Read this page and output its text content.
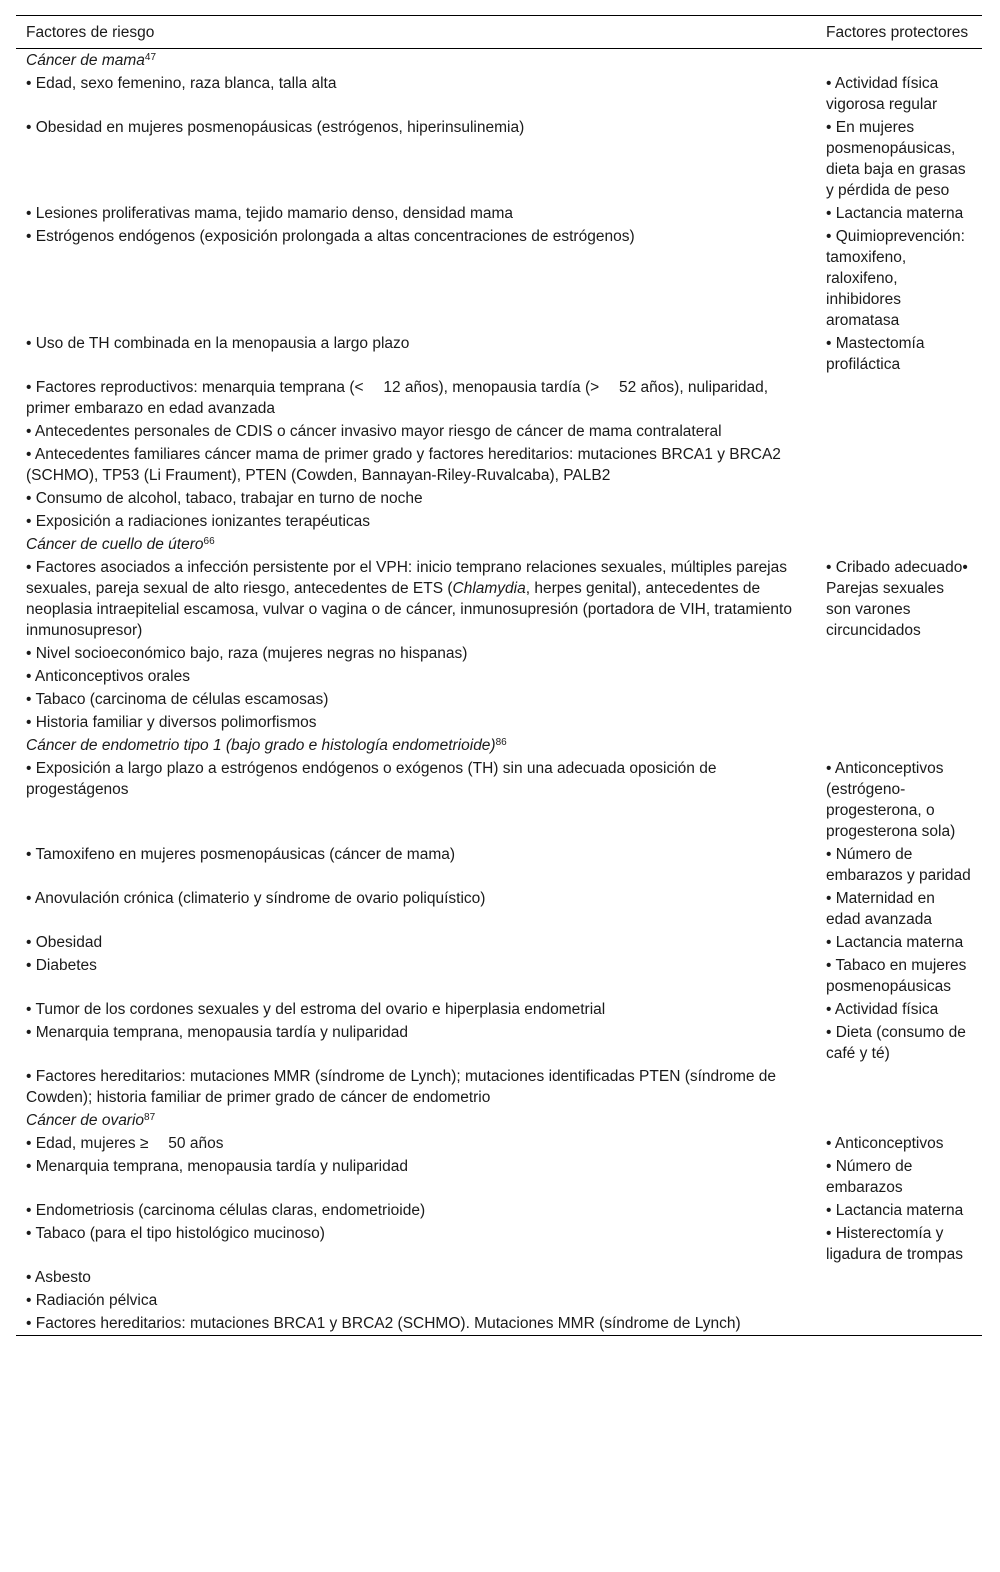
Factores de riesgo	Factores protectores
Cáncer de mama$^{47}$
• Edad, sexo femenino, raza blanca, talla alta	• Actividad física vigorosa regular
• Obesidad en mujeres posmenopáusicas (estrógenos, hiperinsulinemia)	• En mujeres posmenopáusicas, dieta baja en grasas y pérdida de peso
• Lesiones proliferativas mama, tejido mamario denso, densidad mama	• Lactancia materna
• Estrógenos endógenos (exposición prolongada a altas concentraciones de estrógenos)	• Quimioprevención: tamoxifeno, raloxifeno, inhibidores aromatasa
• Uso de TH combinada en la menopausia a largo plazo	• Mastectomía profiláctica
• Factores reproductivos: menarquia temprana (<  12 años), menopausia tardía (>  52 años), nuliparidad, primer embarazo en edad avanzada	
• Antecedentes personales de CDIS o cáncer invasivo mayor riesgo de cáncer de mama contralateral	
• Antecedentes familiares cáncer mama de primer grado y factores hereditarios: mutaciones BRCA1 y BRCA2 (SCHMO), TP53 (Li Fraument), PTEN (Cowden, Bannayan-Riley-Ruvalcaba), PALB2	
• Consumo de alcohol, tabaco, trabajar en turno de noche	
• Exposición a radiaciones ionizantes terapéuticas	
Cáncer de cuello de útero$^{66}$
• Factores asociados a infección persistente por el VPH: inicio temprano relaciones sexuales, múltiples parejas sexuales, pareja sexual de alto riesgo, antecedentes de ETS (Chlamydia, herpes genital), antecedentes de neoplasia intraepitelial escamosa, vulvar o vagina o de cáncer, inmunosupresión (portadora de VIH, tratamiento inmunosupresor)	• Cribado adecuado• Parejas sexuales son varones circuncidados
• Nivel socioeconómico bajo, raza (mujeres negras no hispanas)	
• Anticonceptivos orales	
• Tabaco (carcinoma de células escamosas)	
• Historia familiar y diversos polimorfismos	
Cáncer de endometrio tipo 1 (bajo grado e histología endometrioide)$^{86}$
• Exposición a largo plazo a estrógenos endógenos o exógenos (TH) sin una adecuada oposición de progestágenos	• Anticonceptivos (estrógeno-progesterona, o progesterona sola)
• Tamoxifeno en mujeres posmenopáusicas (cáncer de mama)	• Número de embarazos y paridad
• Anovulación crónica (climaterio y síndrome de ovario poliquístico)	• Maternidad en edad avanzada
• Obesidad	• Lactancia materna
• Diabetes	• Tabaco en mujeres posmenopáusicas
• Tumor de los cordones sexuales y del estroma del ovario e hiperplasia endometrial	• Actividad física
• Menarquia temprana, menopausia tardía y nuliparidad	• Dieta (consumo de café y té)
• Factores hereditarios: mutaciones MMR (síndrome de Lynch); mutaciones identificadas PTEN (síndrome de Cowden); historia familiar de primer grado de cáncer de endometrio	
Cáncer de ovario$^{87}$
• Edad, mujeres ≥  50 años	• Anticonceptivos
• Menarquia temprana, menopausia tardía y nuliparidad	• Número de embarazos
• Endometriosis (carcinoma células claras, endometrioide)	• Lactancia materna
• Tabaco (para el tipo histológico mucinoso)	• Histerectomía y ligadura de trompas
• Asbesto	
• Radiación pélvica	
• Factores hereditarios: mutaciones BRCA1 y BRCA2 (SCHMO). Mutaciones MMR (síndrome de Lynch)	
